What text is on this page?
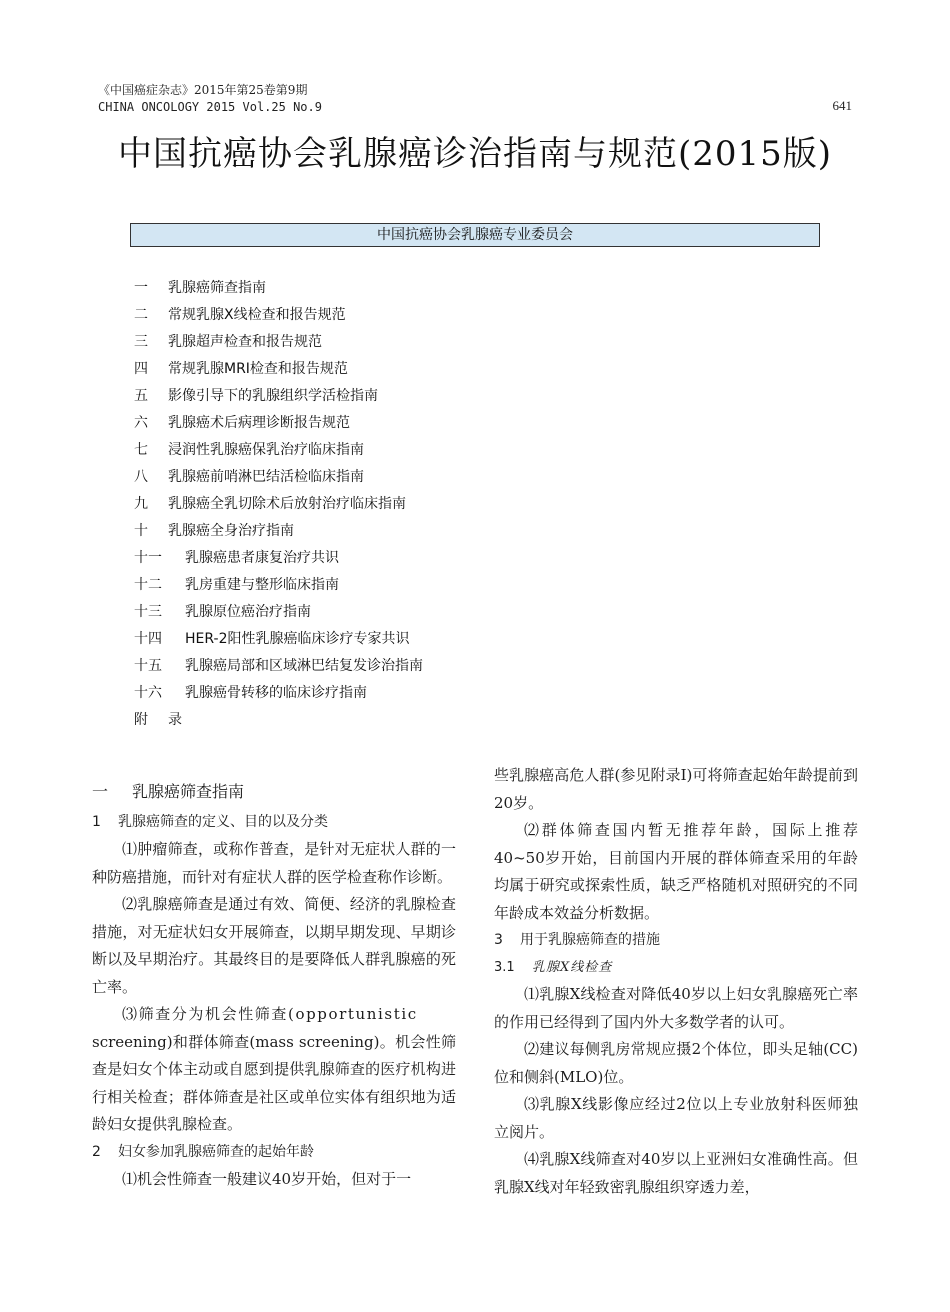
《中国癌症杂志》2015年第25卷第9期
CHINA ONCOLOGY 2015 Vol.25 No.9	641
中国抗癌协会乳腺癌诊治指南与规范(2015版)
中国抗癌协会乳腺癌专业委员会
一	乳腺癌筛查指南
二	常规乳腺X线检查和报告规范
三	乳腺超声检查和报告规范
四	常规乳腺MRI检查和报告规范
五	影像引导下的乳腺组织学活检指南
六	乳腺癌术后病理诊断报告规范
七	浸润性乳腺癌保乳治疗临床指南
八	乳腺癌前哨淋巴结活检临床指南
九	乳腺癌全乳切除术后放射治疗临床指南
十	乳腺癌全身治疗指南
十一	乳腺癌患者康复治疗共识
十二	乳房重建与整形临床指南
十三	乳腺原位癌治疗指南
十四	HER-2阳性乳腺癌临床诊疗专家共识
十五	乳腺癌局部和区域淋巴结复发诊治指南
十六	乳腺癌骨转移的临床诊疗指南
附	录
一 乳腺癌筛查指南
1 乳腺癌筛查的定义、目的以及分类

⑴肿瘤筛查，或称作普查，是针对无症状人群的一种防癌措施，而针对有症状人群的医学检查称作诊断。

⑵乳腺癌筛查是通过有效、简便、经济的乳腺检查措施，对无症状妇女开展筛查，以期早期发现、早期诊断以及早期治疗。其最终目的是要降低人群乳腺癌的死亡率。

⑶筛查分为机会性筛查(opportunistic

screening)和群体筛查(mass screening)。机会性筛查是妇女个体主动或自愿到提供乳腺筛查的医疗机构进行相关检查；群体筛查是社区或单位实体有组织地为适龄妇女提供乳腺检查。

2 妇女参加乳腺癌筛查的起始年龄

⑴机会性筛查一般建议40岁开始，但对于一

些乳腺癌高危人群(参见附录I)可将筛查起始年龄提前到20岁。

⑵群体筛查国内暂无推荐年龄，国际上推荐40~50岁开始，目前国内开展的群体筛查采用的年龄均属于研究或探索性质，缺乏严格随机对照研究的不同年龄成本效益分析数据。

3 用于乳腺癌筛查的措施
3.1 乳腺X线检查

⑴乳腺X线检查对降低40岁以上妇女乳腺癌死亡率的作用已经得到了国内外大多数学者的认可。

⑵建议每侧乳房常规应摄2个体位，即头足轴(CC)位和侧斜(MLO)位。

⑶乳腺X线影像应经过2位以上专业放射科医师独立阅片。

⑷乳腺X线筛查对40岁以上亚洲妇女准确性高。但乳腺X线对年轻致密乳腺组织穿透力差，
